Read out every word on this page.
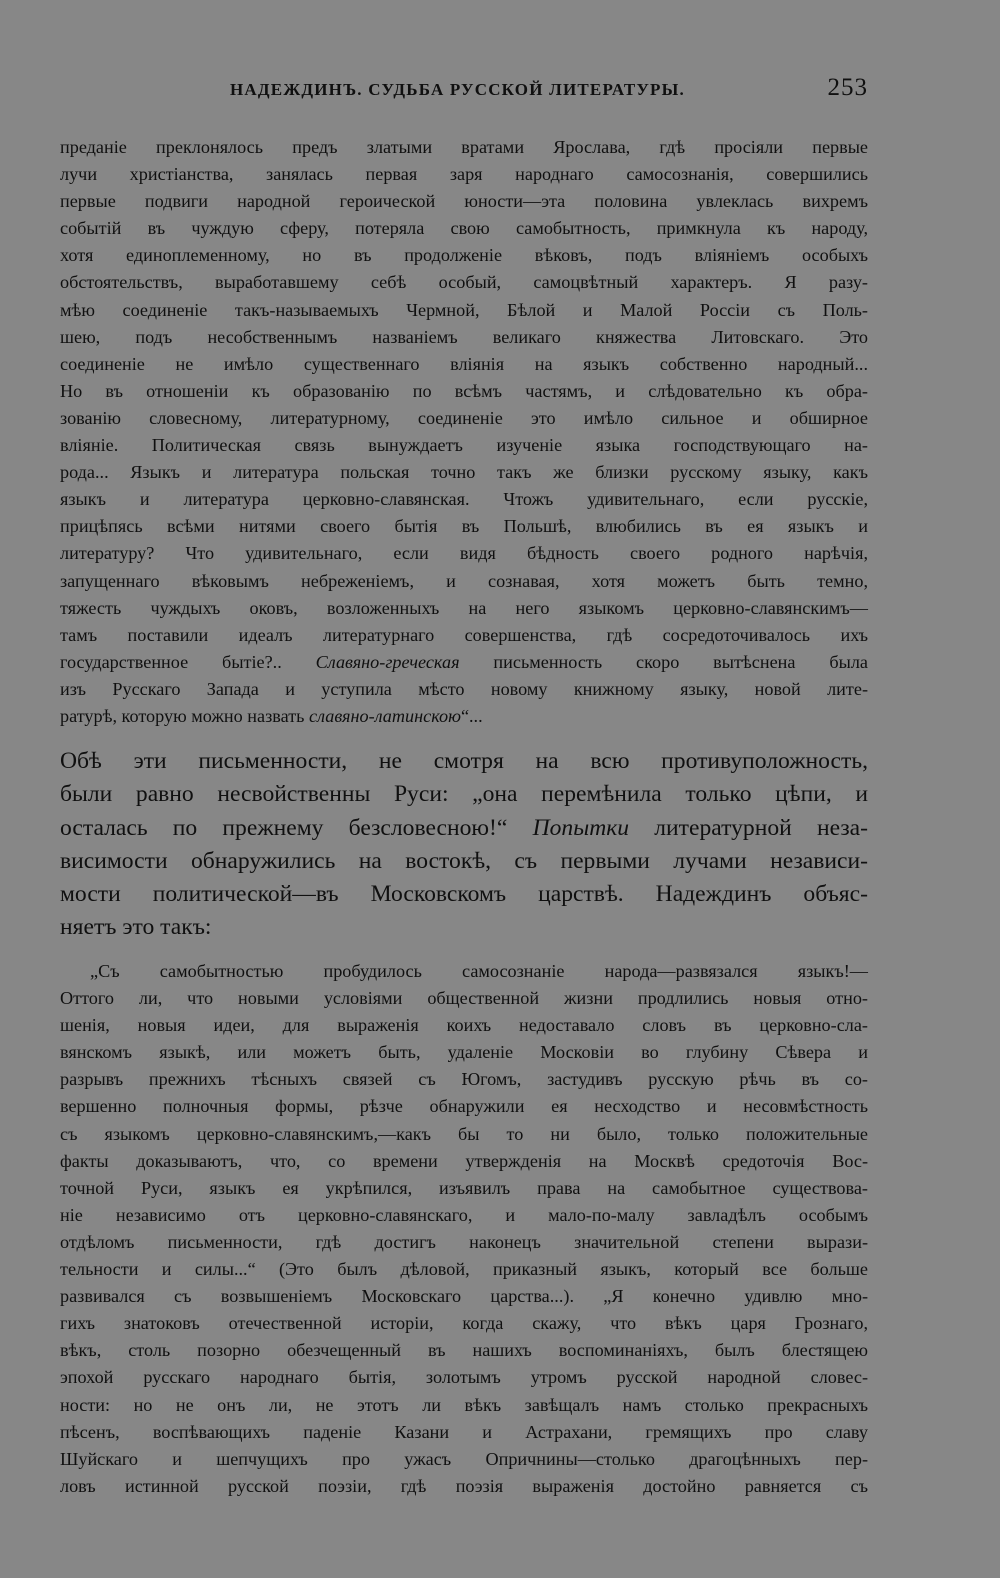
НАДЕЖДИНЪ. СУДЬБА РУССКОЙ ЛИТЕРАТУРЫ.	253
преданіе преклонялось предъ златыми вратами Ярослава, гдѣ просіяли первые
лучи христіанства, занялась первая заря народнаго самосознанія, совершились
первые подвиги народной героической юности—эта половина увлеклась вихремъ
событій въ чуждую сферу, потеряла свою самобытность, примкнула къ народу,
хотя единоплеменному, но въ продолженіе вѣковъ, подъ вліяніемъ особыхъ
обстоятельствъ, выработавшему себѣ особый, самоцвѣтный характеръ. Я разу-
мѣю соединеніе такъ-называемыхъ Чермной, Бѣлой и Малой Россіи съ Поль-
шею, подъ несобственнымъ названіемъ великаго княжества Литовскаго. Это
соединеніе не имѣло существеннаго вліянія на языкъ собственно народный...
Но въ отношеніи къ образованію по всѣмъ частямъ, и слѣдовательно къ обра-
зованію словесному, литературному, соединеніе это имѣло сильное и обширное
вліяніе. Политическая связь вынуждаетъ изученіе языка господствующаго на-
рода... Языкъ и литература польская точно такъ же близки русскому языку, какъ
языкъ и литература церковно-славянская. Чтожъ удивительнаго, если русскіе,
прицѣпясь всѣми нитями своего бытія въ Польшѣ, влюбились въ ея языкъ и
литературу? Что удивительнаго, если видя бѣдность своего родного нарѣчія,
запущеннаго вѣковымъ небреженіемъ, и сознавая, хотя можетъ быть темно,
тяжесть чуждыхъ оковъ, возложенныхъ на него языкомъ церковно-славянскимъ—
тамъ поставили идеалъ литературнаго совершенства, гдѣ сосредоточивалось ихъ
государственное бытіе?.. Славяно-греческая письменность скоро вытѣснена была
изъ Русскаго Запада и уступила мѣсто новому книжному языку, новой лите-
ратурѣ, которую можно назвать славяно-латинскою“...
Обѣ эти письменности, не смотря на всю противуположность,
были равно несвойственны Руси: „она перемѣнила только цѣпи, и
осталась по прежнему безсловесною!“ Попытки литературной неза-
висимости обнаружились на востокѣ, съ первыми лучами независи-
мости политической—въ Московскомъ царствѣ. Надеждинъ объяс-
няетъ это такъ:
„Съ самобытностью пробудилось самосознаніе народа—развязался языкъ!—
Оттого ли, что новыми условіями общественной жизни продлились новыя отно-
шенія, новыя идеи, для выраженія коихъ недоставало словъ въ церковно-сла-
вянскомъ языкѣ, или можетъ быть, удаленіе Московіи во глубину Сѣвера и
разрывъ прежнихъ тѣсныхъ связей съ Югомъ, застудивъ русскую рѣчь въ со-
вершенно полночныя формы, рѣзче обнаружили ея несходство и несовмѣстность
съ языкомъ церковно-славянскимъ,—какъ бы то ни было, только положительные
факты доказываютъ, что, со времени утвержденія на Москвѣ средоточія Вос-
точной Руси, языкъ ея укрѣпился, изъявилъ права на самобытное существова-
ніе независимо отъ церковно-славянскаго, и мало-по-малу завладѣлъ особымъ
отдѣломъ письменности, гдѣ достигъ наконецъ значительной степени вырази-
тельности и силы...“ (Это былъ дѣловой, приказный языкъ, который все больше
развивался съ возвышеніемъ Московскаго царства...). „Я конечно удивлю мно-
гихъ знатоковъ отечественной исторіи, когда скажу, что вѣкъ царя Грознаго,
вѣкъ, столь позорно обезчещенный въ нашихъ воспоминаніяхъ, былъ блестящею
эпохой русскаго народнаго бытія, золотымъ утромъ русской народной словес-
ности: но не онъ ли, не этотъ ли вѣкъ завѣщалъ намъ столько прекрасныхъ
пѣсенъ, воспѣвающихъ паденіе Казани и Астрахани, гремящихъ про славу
Шуйскаго и шепчущихъ про ужасъ Опричнины—столько драгоцѣнныхъ пер-
ловъ истинной русской поэзіи, гдѣ поэзія выраженія достойно равняется съ
